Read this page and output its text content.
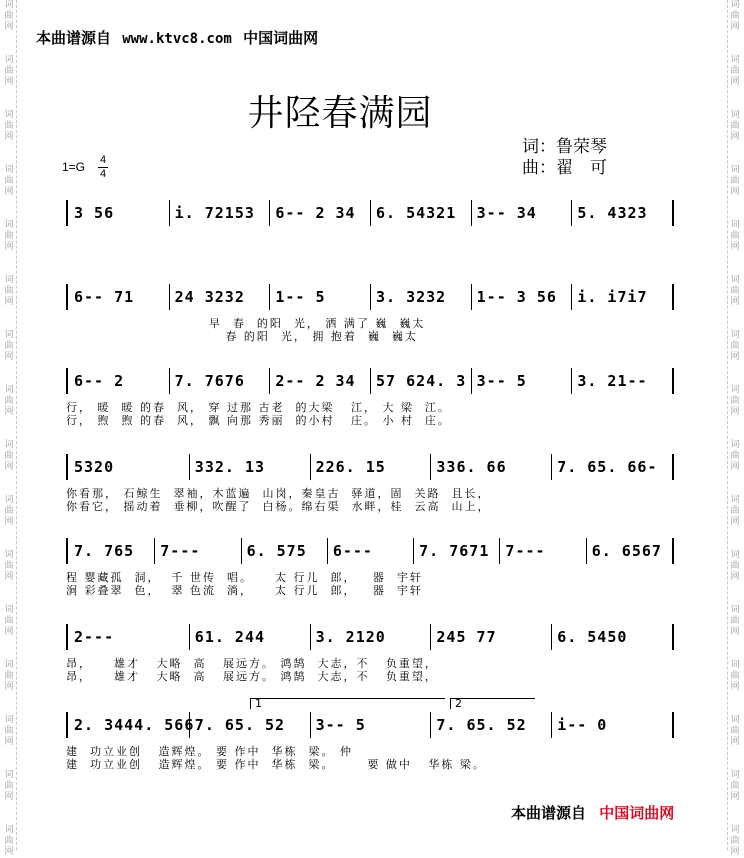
词
曲
网

词
曲
网

词
曲
网

词
曲
网

词
曲
网

词
曲
网

词
曲
网

词
曲
网

词
曲
网

词
曲
网

词
曲
网

词
曲
网

词
曲
网

词
曲
网

词
曲
网

词
曲
网
词
曲
网

词
曲
网

词
曲
网

词
曲
网

词
曲
网

词
曲
网

词
曲
网

词
曲
网

词
曲
网

词
曲
网

词
曲
网

词
曲
网

词
曲
网

词
曲
网

词
曲
网

词
曲
网
本曲谱源自 www.ktvc8.com 中国词曲网
井陉春满园
1=G 4
4
词：鲁荣琴
曲：翟　可
3 56	i. 72153	6-- 2 34	6. 54321	3-- 34	5. 4323
6-- 71	24 3232	1-- 5	3. 3232	1-- 3 56	i. i7i7
早  春  的阳  光， 洒 满了 巍  巍太
春 的阳  光， 拥 抱着  巍  巍太
6-- 2	7. 7676	2-- 2 34	57 624. 3 3-- 5	3. 21--
行， 暖  暖 的春  风， 穿 过那 古老  的大梁   江， 大 梁  江。
行， 煦  煦 的春  风， 飘 向那 秀丽  的小村   庄。 小 村  庄。
5320	332. 13	226. 15	336. 66	7. 65. 66-
你看那， 石鲸生  翠袖，木蓝遍  山岗，秦皇古  驿道，固  关路  且长，
你看它， 摇动着  垂柳，吹醒了  白杨。绵右渠  水畔，桂  云高  山上，
7. 765	7---	6. 575	6---	7. 7671	7---	6. 6567
程 婴藏孤  洞，  千 世传  唱。    太 行儿  郎，   器  宇轩
涧 彩叠翠  色，  翠 色流  淌，    太 行儿  郎，   器  宇轩
2---	61. 244	3. 2120	245 77	6. 5450
昂，    雄才   大略  高   展远方。 鸿鹄  大志，不   负重望，
昂，    雄才   大略  高   展远方。 鸿鹄  大志，不   负重望，
2. 3444. 566 7. 65. 52	3-- 5	7. 65. 52	i-- 0
建  功立业创   造辉煌。 要 作中  华栋  梁。 仲
建  功立业创   造辉煌。 要 作中  华栋  梁。      要 做中   华栋 梁。
1	2
本曲谱源自 中国词曲网
